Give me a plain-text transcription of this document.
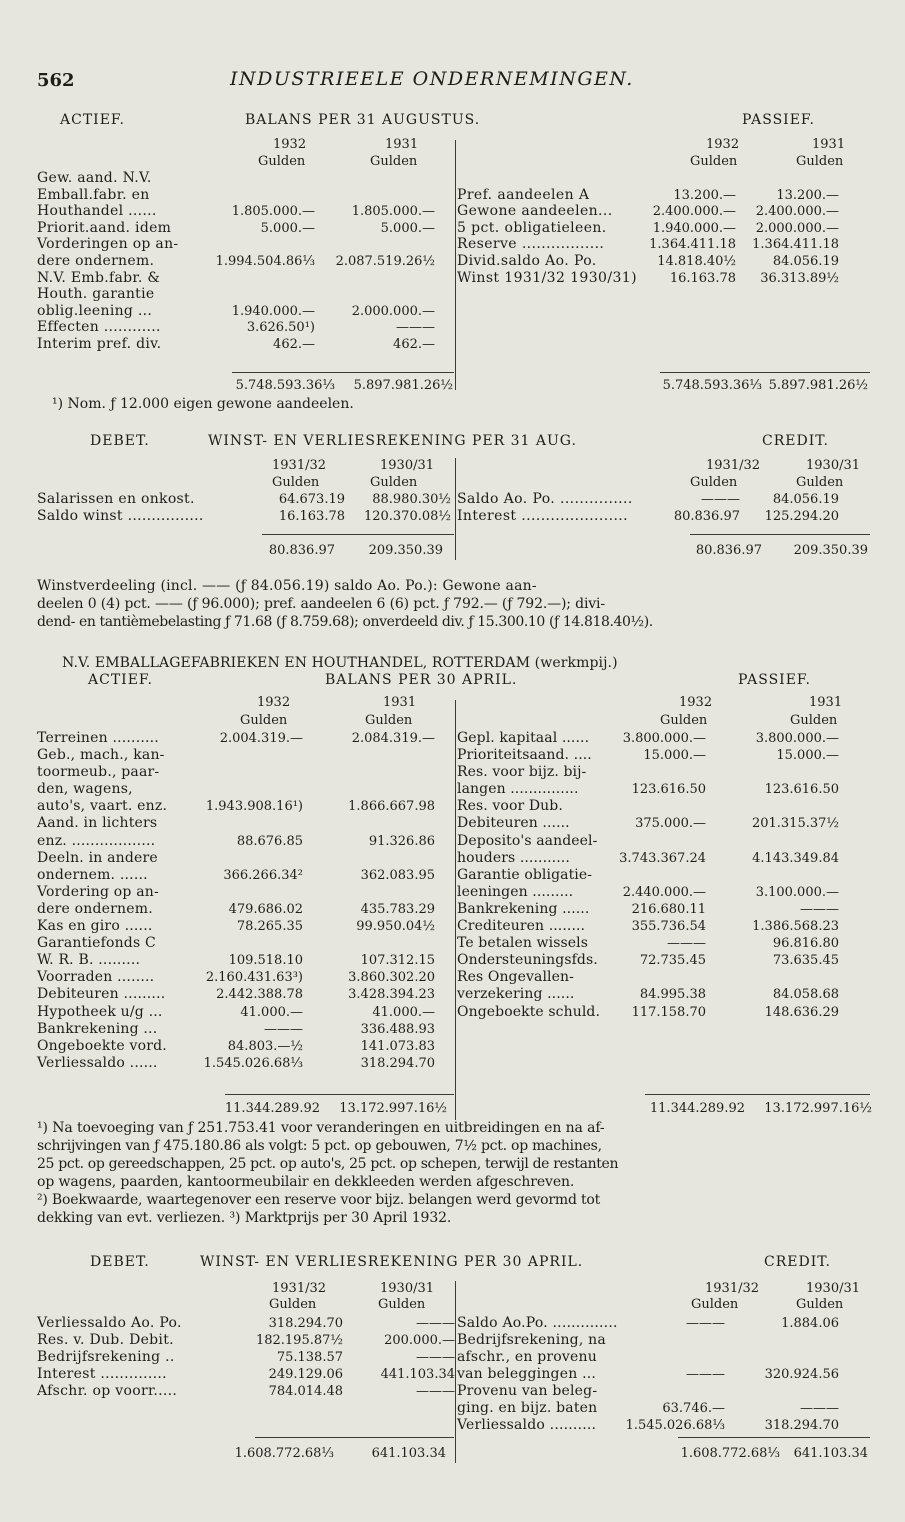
562	INDUSTRIEELE ONDERNEMINGEN.
ACTIEF.	BALANS PER 31 AUGUSTUS.	PASSIEF.
1932	1931	1932	1931
Gulden	Gulden	Gulden	Gulden
Gew. aand. N.V.
Emball.fabr. en
Houthandel ......	1.805.000.—	1.805.000.—
Priorit.aand. idem	5.000.—	5.000.—
Vorderingen op an-
dere ondernem.	1.994.504.86⅓ 2.087.519.26½
N.V. Emb.fabr. &
Houth. garantie
oblig.leening ...	1.940.000.—	2.000.000.—
Effecten ............	3.626.50¹)	———
Interim pref. div.	462.—	462.—
Pref. aandeelen A	13.200.—	13.200.—
Gewone aandeelen...	2.400.000.— 2.400.000.—
5 pct. obligatieleen.	1.940.000.— 2.000.000.—
Reserve .................	1.364.411.18 1.364.411.18
Divid.saldo Ao. Po.	14.818.40½	84.056.19
Winst 1931/32 1930/31)	16.163.78 36.313.89½
5.748.593.36⅓ 5.897.981.26½	5.748.593.36⅓ 5.897.981.26½
¹) Nom. ƒ 12.000 eigen gewone aandeelen.
DEBET.	WINST- EN VERLIESREKENING PER 31 AUG.	CREDIT.
1931/32	1930/31	1931/32	1930/31
Gulden	Gulden	Gulden	Gulden
Salarissen en onkost.	64.673.19 88.980.30½
Saldo winst ................	16.163.78 120.370.08½
Saldo Ao. Po. ...............	———	84.056.19
Interest ......................	80.836.97 125.294.20
80.836.97	209.350.39	80.836.97 209.350.39
Winstverdeeling (incl. —— (ƒ 84.056.19) saldo Ao. Po.): Gewone aan-
deelen 0 (4) pct. —— (ƒ 96.000); pref. aandeelen 6 (6) pct. ƒ 792.— (ƒ 792.—); divi-
dend- en tantièmebelasting ƒ 71.68 (ƒ 8.759.68); onverdeeld div. ƒ 15.300.10 (ƒ 14.818.40½).
N.V. EMBALLAGEFABRIEKEN EN HOUTHANDEL, ROTTERDAM (werkmpij.)
ACTIEF.	BALANS PER 30 APRIL.	PASSIEF.
1932	1931	1932	1931
Gulden	Gulden	Gulden	Gulden
Terreinen ..........	2.004.319.—	2.084.319.—
Geb., mach., kan-
toormeub., paar-
den, wagens,
auto's, vaart. enz.	1.943.908.16¹)	1.866.667.98
Aand. in lichters
enz. ..................	88.676.85	91.326.86
Deeln. in andere
ondernem. ......	366.266.34²	362.083.95
Vordering op an-
dere ondernem.	479.686.02	435.783.29
Kas en giro ......	78.265.35	99.950.04½
Garantiefonds C
W. R. B. .........	109.518.10	107.312.15
Voorraden ........	2.160.431.63³)	3.860.302.20
Debiteuren .........	2.442.388.78	3.428.394.23
Hypotheek u/g ...	41.000.—	41.000.—
Bankrekening ...	———	336.488.93
Ongeboekte vord.	84.803.—½	141.073.83
Verliessaldo ......	1.545.026.68⅓	318.294.70
Gepl. kapitaal ......	3.800.000.—	3.800.000.—
Prioriteitsaand. ....	15.000.—	15.000.—
Res. voor bijz. bij-
langen ...............	123.616.50	123.616.50
Res. voor Dub.
Debiteuren ......	375.000.—	201.315.37½
Deposito's aandeel-
houders ...........	3.743.367.24	4.143.349.84
Garantie obligatie-
leeningen .........	2.440.000.—	3.100.000.—
Bankrekening ......	216.680.11	———
Crediteuren ........	355.736.54	1.386.568.23
Te betalen wissels	———	96.816.80
Ondersteuningsfds.	72.735.45	73.635.45
Res Ongevallen-
verzekering ......	84.995.38	84.058.68
Ongeboekte schuld. 117.158.70	148.636.29
11.344.289.92 13.172.997.16½	11.344.289.92 13.172.997.16½
¹) Na toevoeging van ƒ 251.753.41 voor veranderingen en uitbreidingen en na af-
schrijvingen van ƒ 475.180.86 als volgt: 5 pct. op gebouwen, 7½ pct. op machines,
25 pct. op gereedschappen, 25 pct. op auto's, 25 pct. op schepen, terwijl de restanten
op wagens, paarden, kantoormeubilair en dekkleeden werden afgeschreven.
²) Boekwaarde, waartegenover een reserve voor bijz. belangen werd gevormd tot
dekking van evt. verliezen. ³) Marktprijs per 30 April 1932.
DEBET.	WINST- EN VERLIESREKENING PER 30 APRIL.	CREDIT.
1931/32	1930/31	1931/32	1930/31
Gulden	Gulden	Gulden	Gulden
Verliessaldo Ao. Po.	318.294.70	———
Res. v. Dub. Debit.	182.195.87½	200.000.—
Bedrijfsrekening ..	75.138.57	———
Interest ..............	249.129.06	441.103.34
Afschr. op voorr.....	784.014.48	———
Saldo Ao.Po. ..............	———	1.884.06
Bedrijfsrekening, na
afschr., en provenu
van beleggingen ...	———	320.924.56
Provenu van beleg-
ging. en bijz. baten	63.746.—	———
Verliessaldo .......... 1.545.026.68⅓	318.294.70
1.608.772.68⅓	641.103.34	1.608.772.68⅓ 641.103.34
